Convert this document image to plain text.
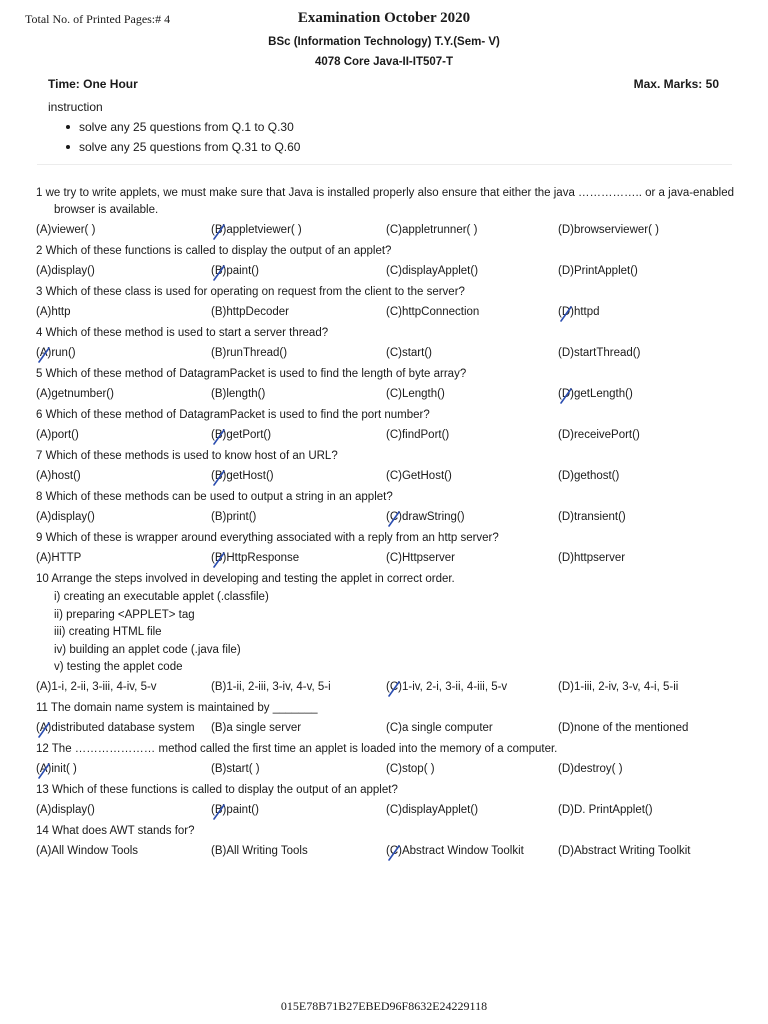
Total No. of Printed Pages:# 4	Examination October 2020
BSc (Information Technology) T.Y.(Sem- V)
4078 Core Java-II-IT507-T
Time: One Hour	Max. Marks: 50
instruction
solve any 25 questions from Q.1 to Q.30
solve any 25 questions from Q.31 to Q.60
1 we try to write applets, we must make sure that Java is installed properly also ensure that either the java …………….. or a java-enabled browser is available.
(A)viewer( )	(B)appletviewer( )	(C)appletrunner( )	(D)browserviewer( )
2 Which of these functions is called to display the output of an applet?
(A)display()	(B)paint()	(C)displayApplet()	(D)PrintApplet()
3 Which of these class is used for operating on request from the client to the server?
(A)http	(B)httpDecoder	(C)httpConnection	(D)httpd
4 Which of these method is used to start a server thread?
(A)run()	(B)runThread()	(C)start()	(D)startThread()
5 Which of these method of DatagramPacket is used to find the length of byte array?
(A)getnumber()	(B)length()	(C)Length()	(D)getLength()
6 Which of these method of DatagramPacket is used to find the port number?
(A)port()	(B)getPort()	(C)findPort()	(D)receivePort()
7 Which of these methods is used to know host of an URL?
(A)host()	(B)getHost()	(C)GetHost()	(D)gethost()
8 Which of these methods can be used to output a string in an applet?
(A)display()	(B)print()	(C)drawString()	(D)transient()
9 Which of these is wrapper around everything associated with a reply from an http server?
(A)HTTP	(B)HttpResponse	(C)Httpserver	(D)httpserver
10 Arrange the steps involved in developing and testing the applet in correct order.
i) creating an executable applet (.classfile)
ii) preparing <APPLET> tag
iii) creating HTML file
iv) building an applet code (.java file)
v) testing the applet code
(A)1-i, 2-ii, 3-iii, 4-iv, 5-v	(B)1-ii, 2-iii, 3-iv, 4-v, 5-i	(C)1-iv, 2-i, 3-ii, 4-iii, 5-v	(D)1-iii, 2-iv, 3-v, 4-i, 5-ii
11 The domain name system is maintained by _______
(A)distributed database system (B)a single server	(C)a single computer	(D)none of the mentioned
12 The ………………… method called the first time an applet is loaded into the memory of a computer.
(A)init( )	(B)start( )	(C)stop( )	(D)destroy( )
13 Which of these functions is called to display the output of an applet?
(A)display()	(B)paint()	(C)displayApplet()	(D)D. PrintApplet()
14 What does AWT stands for?
(A)All Window Tools	(B)All Writing Tools	(C)Abstract Window Toolkit	(D)Abstract Writing Toolkit
015E78B71B27EBED96F8632E24229118
